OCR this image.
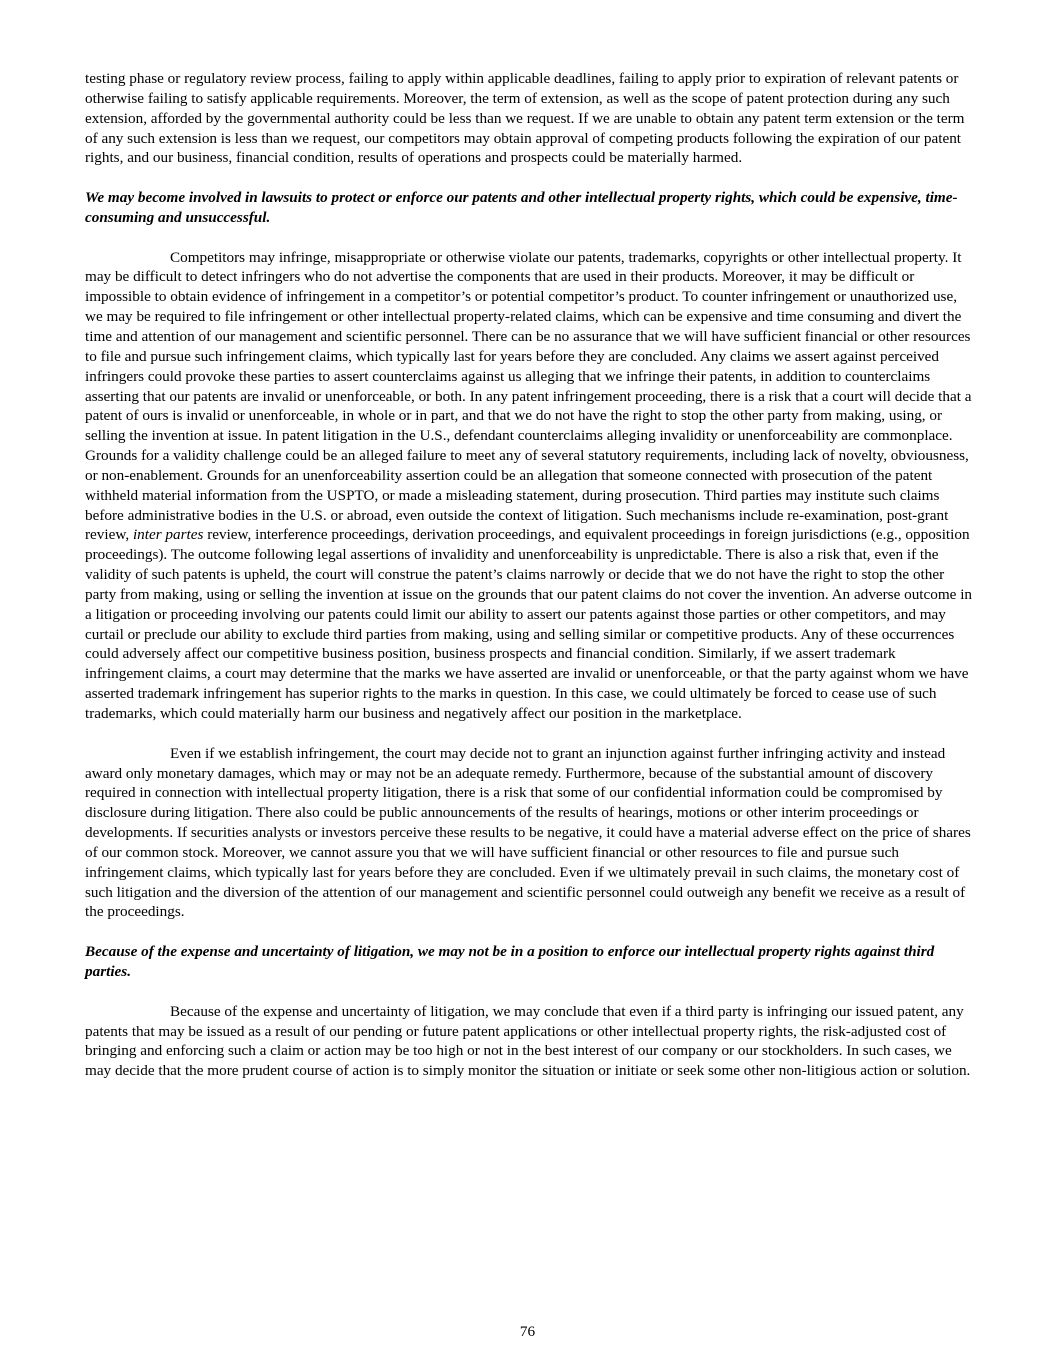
testing phase or regulatory review process, failing to apply within applicable deadlines, failing to apply prior to expiration of relevant patents or otherwise failing to satisfy applicable requirements. Moreover, the term of extension, as well as the scope of patent protection during any such extension, afforded by the governmental authority could be less than we request. If we are unable to obtain any patent term extension or the term of any such extension is less than we request, our competitors may obtain approval of competing products following the expiration of our patent rights, and our business, financial condition, results of operations and prospects could be materially harmed.

We may become involved in lawsuits to protect or enforce our patents and other intellectual property rights, which could be expensive, time-consuming and unsuccessful.

Competitors may infringe, misappropriate or otherwise violate our patents, trademarks, copyrights or other intellectual property. It may be difficult to detect infringers who do not advertise the components that are used in their products. Moreover, it may be difficult or impossible to obtain evidence of infringement in a competitor’s or potential competitor’s product. To counter infringement or unauthorized use, we may be required to file infringement or other intellectual property-related claims, which can be expensive and time consuming and divert the time and attention of our management and scientific personnel. There can be no assurance that we will have sufficient financial or other resources to file and pursue such infringement claims, which typically last for years before they are concluded. Any claims we assert against perceived infringers could provoke these parties to assert counterclaims against us alleging that we infringe their patents, in addition to counterclaims asserting that our patents are invalid or unenforceable, or both. In any patent infringement proceeding, there is a risk that a court will decide that a patent of ours is invalid or unenforceable, in whole or in part, and that we do not have the right to stop the other party from making, using, or selling the invention at issue. In patent litigation in the U.S., defendant counterclaims alleging invalidity or unenforceability are commonplace. Grounds for a validity challenge could be an alleged failure to meet any of several statutory requirements, including lack of novelty, obviousness, or non-enablement. Grounds for an unenforceability assertion could be an allegation that someone connected with prosecution of the patent withheld material information from the USPTO, or made a misleading statement, during prosecution. Third parties may institute such claims before administrative bodies in the U.S. or abroad, even outside the context of litigation. Such mechanisms include re-examination, post-grant review, inter partes review, interference proceedings, derivation proceedings, and equivalent proceedings in foreign jurisdictions (e.g., opposition proceedings). The outcome following legal assertions of invalidity and unenforceability is unpredictable. There is also a risk that, even if the validity of such patents is upheld, the court will construe the patent’s claims narrowly or decide that we do not have the right to stop the other party from making, using or selling the invention at issue on the grounds that our patent claims do not cover the invention. An adverse outcome in a litigation or proceeding involving our patents could limit our ability to assert our patents against those parties or other competitors, and may curtail or preclude our ability to exclude third parties from making, using and selling similar or competitive products. Any of these occurrences could adversely affect our competitive business position, business prospects and financial condition. Similarly, if we assert trademark infringement claims, a court may determine that the marks we have asserted are invalid or unenforceable, or that the party against whom we have asserted trademark infringement has superior rights to the marks in question. In this case, we could ultimately be forced to cease use of such trademarks, which could materially harm our business and negatively affect our position in the marketplace.

Even if we establish infringement, the court may decide not to grant an injunction against further infringing activity and instead award only monetary damages, which may or may not be an adequate remedy. Furthermore, because of the substantial amount of discovery required in connection with intellectual property litigation, there is a risk that some of our confidential information could be compromised by disclosure during litigation. There also could be public announcements of the results of hearings, motions or other interim proceedings or developments. If securities analysts or investors perceive these results to be negative, it could have a material adverse effect on the price of shares of our common stock. Moreover, we cannot assure you that we will have sufficient financial or other resources to file and pursue such infringement claims, which typically last for years before they are concluded. Even if we ultimately prevail in such claims, the monetary cost of such litigation and the diversion of the attention of our management and scientific personnel could outweigh any benefit we receive as a result of the proceedings.

Because of the expense and uncertainty of litigation, we may not be in a position to enforce our intellectual property rights against third parties.

Because of the expense and uncertainty of litigation, we may conclude that even if a third party is infringing our issued patent, any patents that may be issued as a result of our pending or future patent applications or other intellectual property rights, the risk-adjusted cost of bringing and enforcing such a claim or action may be too high or not in the best interest of our company or our stockholders. In such cases, we may decide that the more prudent course of action is to simply monitor the situation or initiate or seek some other non-litigious action or solution.

76
